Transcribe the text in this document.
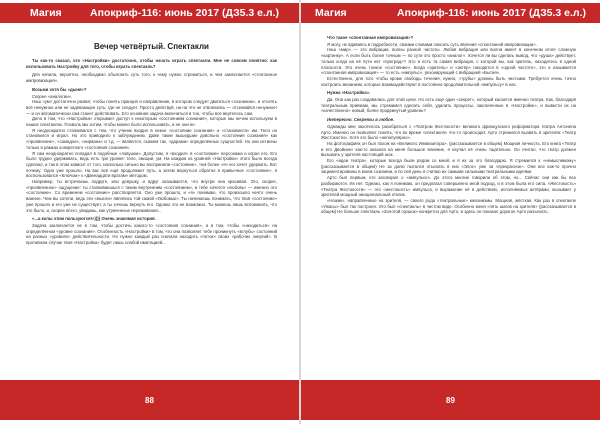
Магия	Апокриф-116: июнь 2017 (ДЗ5.3 е.л.)
Вечер четвёртый. Спектакли

Ты как-то сказал, что «Настройки» достаточно, чтобы начать играть спектакли. Мне не совсем понятно: как использовать Настройку для того, чтобы играть спектакль?

Для начала, вероятно, необходимо объяснить суть того, к чему нужно стремиться, и чем заключается «стонтанное импровизация».

Возьми хотя бы «дыня»?

Скорее «аналогии».

Наш «ум» достаточно развит, чтобы понять принцип и направление, в котором следует двигаться «сознанию», и отсеять всё ненужное или не задевающее суть, где не следует. Просто действуй, ни на что не отвлекаясь — отсеивайся ненужное! — и он автоматически сам станет действовать. Его основная задача включиться в тон, чтобы всё вертелось сам.

Дело в том, что «Настройка» открывает доступ к некоторым «состояниям сознания», которые мы нечем используем в наших спектаклях. Позволь мы хотим, чтобы можно было использовать, и не они не.

Я неоднократно сталкивался с тем, что ученик входил в некое «состояние сознания» и «становился» им. Тело он становился и играл. Но это приводило к заблуждению. Даже такие вышедшие довольно «состояния сознания» как «проявление», «самадхи», «нирвана» и т.д. — являются, скажем так, «дарами» определённых сущностей. Но они истинны только в рамках конкретного «состояния сознания».

Я сам неоднократно попадал в подобные «ловушки». Допустим, я «входил» в «состояние» персонажа и играл его. Его было трудно удерживать, ведь есть три уровня: тело, эмоции, ум. На каждом из уровней «Настройки» этого было всегда сделано, и так в этом зависит от того, насколько сильно вы восприняли «состояние», тем более «я» его хочет удержать. Вот почему: Одно уже прошло. На вас всё ещё продолжает путь, а затем вернуться обратно в привычное «состояние», я воспользовался «Ключом» к «Двенадцати вратам» методом.

Например, ты встречаешь подруге, или девушку, и вдруг оказывается, что внутри она красивая. Это, скорее, «проявленное» ощущение: ты сталкиваешься с таким внутренним «состоянием», и тебе хочется «любовь» — именно это «состояние». Со временем «состояние» расстворяется. Оно уже прошло, и «я» понимаю, что произошло нечто очень важное. Чем вы хотели, ведь эти «мысли» являлись той самой «Любовью». Ты начинаешь понимать, что твоё «состояние» уже прошло и его уже не существует, а ты хочешь вернуть его. Однако это не возможно. Ты можешь лишь вспоминать, что это было, и, скорее всего, увидишь, как утраченные переживания...

«...а колы этим пользуются!»)))) Очень знакомая история.

Задача заключается не в том, чтобы достичь какого-то «состояния сознания», а в том, чтобы «находиться» на определённом «уровне сознания». Особенность «Настройки» в том, что она позволяет тебе проникнуть «вглубь» состояний на разных «уровнях» действительности. Но нужно каждый раз сначала находить «поток» своих «рабочих энергий». В противном случае твоя «Настройка» будет лишь слабой имитацией...

88
Магия	Апокриф-116: июнь 2017 (ДЗ5.3 е.л.)
Что такое «спонтанная импровизация»?

Я могу, не вдаваясь в подробности, своими словами описать суть явления «спонтанной импровизации».

Наш «мир» — это вибрации, волны разной частоты. Любая вибрация или волна имеет в конечном итоге сложную «картинку». А если быть более точным — по сути это просто «аналог». Хочется ли вы сделать вывод, что «душа» действует, только когда на её пути нет «преград»? Это и есть та самая вибрация, с которой вы, как зритель, находитесь в одной плоскости. Это очень тонкое «состояние». Когда «зритель» и «актёр» находятся в «одной частоте», это и называется «спонтанная импровизация» — то есть «импульс», резонирующий с вибрацией «Бытия».

Естественно, для того чтобы кроме свободы течения, нужно, «трубы» должны быть чистыми. Требуется очень точно настроить механизм, которые взаимодействуют в постоянно-продолжительной «импульсу» в нас.

Нужна «Настройка».

Да. Она как раз создавалась для этой цели. Но есть ещё один «секрет», который касается именно театра. Как, благодаря театральным приёмам, мы стремимся сделать себя, удалить процессы, заключенные в «Настройке», и вывести их на «качественно» новый, более продвинутый уровень?

Интересно. Секреты в любое.

Однажды мне захотелось разобраться с «Театром Жестокости» великого французского реформатора театра Антонена Арто. Именно он позволяет понять, что во время «спектакля» что-то происходит. Арто стремился вызвать в зрителях «Театр Жестокости». Хотя это было «непопулярно».

На фотографиях он был похож на «Великого Инквизитора». (рассказывается в общем) Мощная личность. Его книга «Театр и его Двойник» как-то оказала на меня большое влияние, я изучал её очень тщательно. Он считал, что театр должен вызывать у зрителя настоящий шок.

Его «идеи театра», которые всегда были рядом со мной, и я их за это благодарю. Я стремился к «немыслимому» (рассказывается в общем) Не за долю пытался отыскать в них «Эпос» уже за «прекрасное». Они все как-то прочно зацементированы в моем сознании, и по сей день я считаю их самыми сильными театральными идеями.

Арто был первым, кто заговорил о «импульсе». До этого многие говорили об этом, но... Сейчас они как бы все разбираются. Их нет. Однако, как я понимаю, он предлагал совершенно иной подход, и в этом была его сила. «Жестокость» «Театра Жестокости» — это «жестокость» импульса, и выражение её в действиях, исполняемых актёрами, вызывает у зрителей мощный эмоциональный отклик.

«Ножик», направленные на зрителя, — своего рода «театральные» механизмы. Мощная, жёсткая. Как раз в спектакле «Ужасы» был так построен. Это был «спектакль» в чистом виде. Особенно меня «пять шагов на зрителя» (рассказывается в общем) Не больше спектакль «Золотой горшок» конкретно для Арто, и здесь он показал дорогое Арто разъехать.

89
